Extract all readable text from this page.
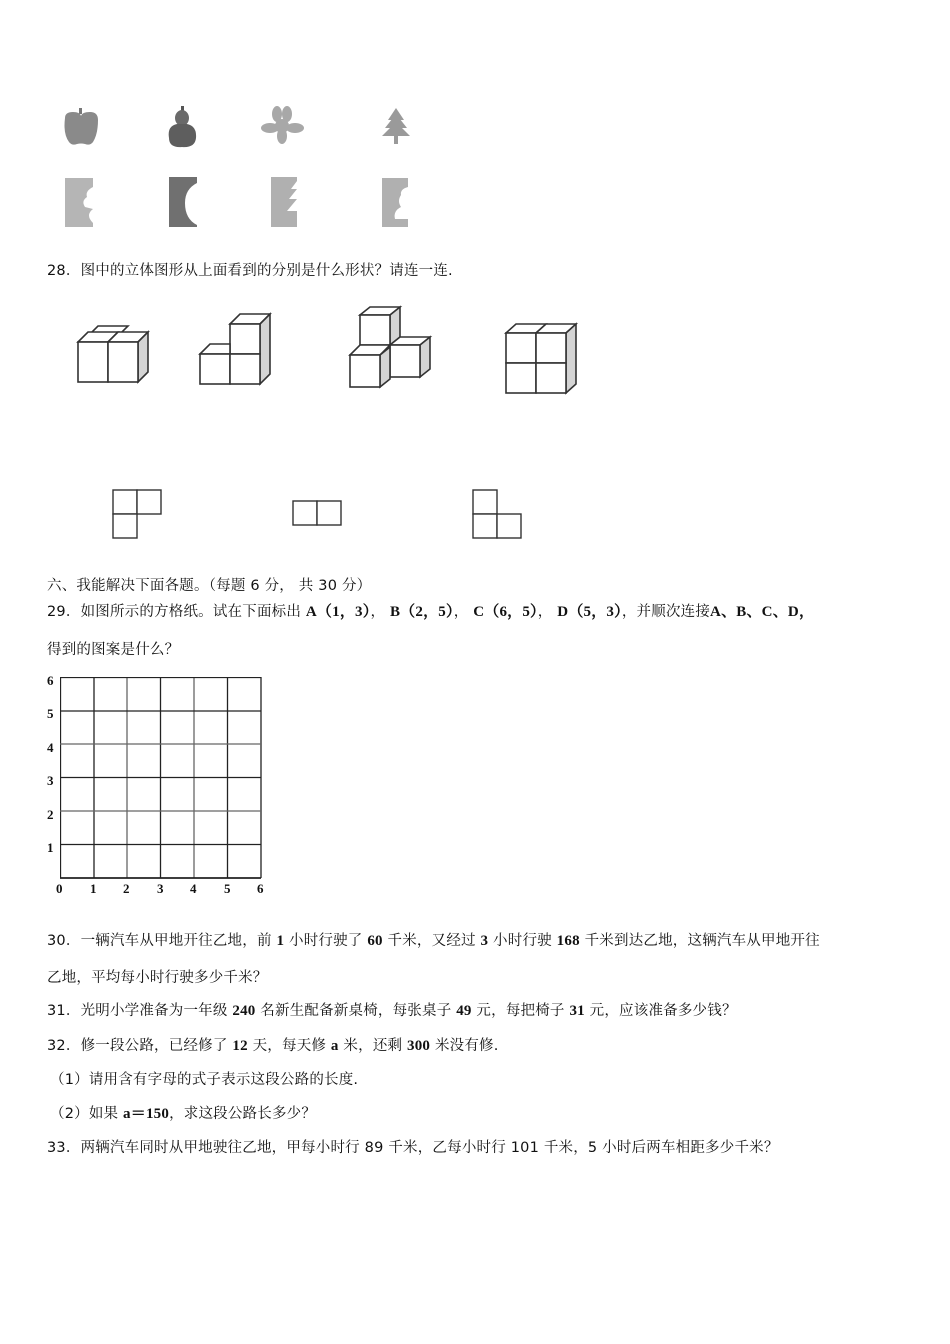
28．图中的立体图形从上面看到的分别是什么形状？请连一连.
六、我能解决下面各题。（每题 6 分， 共 30 分）
29．如图所示的方格纸。试在下面标出 A（1，3）， B（2，5）， C（6，5）， D（5，3），并顺次连接A、B、C、D，
得到的图案是什么？
6
5
4
3
2
1
0 1 2 3 4 5 6
30．一辆汽车从甲地开往乙地，前 1 小时行驶了 60 千米，又经过 3 小时行驶 168 千米到达乙地，这辆汽车从甲地开往
乙地，平均每小时行驶多少千米？
31．光明小学准备为一年级 240 名新生配备新桌椅，每张桌子 49 元，每把椅子 31 元，应该准备多少钱？
32．修一段公路，已经修了 12 天，每天修 a 米，还剩 300 米没有修.
（1）请用含有字母的式子表示这段公路的长度.
（2）如果 a＝150，求这段公路长多少？
33．两辆汽车同时从甲地驶往乙地，甲每小时行 89 千米，乙每小时行 101 千米，5 小时后两车相距多少千米？
